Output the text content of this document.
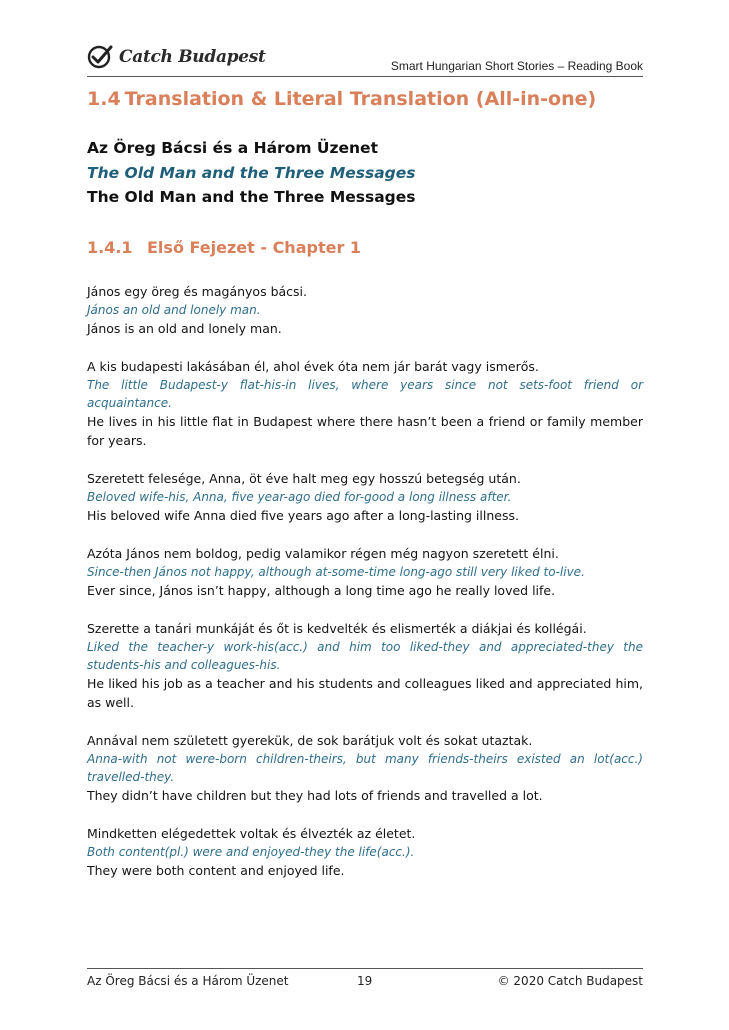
Catch Budapest	Smart Hungarian Short Stories – Reading Book
1.4 Translation & Literal Translation (All-in-one)
Az Öreg Bácsi és a Három Üzenet
The Old Man and the Three Messages
The Old Man and the Three Messages
1.4.1 Első Fejezet - Chapter 1
János egy öreg és magányos bácsi.
János an old and lonely man.
János is an old and lonely man.
A kis budapesti lakásában él, ahol évek óta nem jár barát vagy ismerős.
The little Budapest-y flat-his-in lives, where years since not sets-foot friend or acquaintance.
He lives in his little flat in Budapest where there hasn’t been a friend or family member for years.
Szeretett felesége, Anna, öt éve halt meg egy hosszú betegség után.
Beloved wife-his, Anna, five year-ago died for-good a long illness after.
His beloved wife Anna died five years ago after a long-lasting illness.
Azóta János nem boldog, pedig valamikor régen még nagyon szeretett élni.
Since-then János not happy, although at-some-time long-ago still very liked to-live.
Ever since, János isn’t happy, although a long time ago he really loved life.
Szerette a tanári munkáját és őt is kedvelték és elismerték a diákjai és kollégái.
Liked the teacher-y work-his(acc.) and him too liked-they and appreciated-they the students-his and colleagues-his.
He liked his job as a teacher and his students and colleagues liked and appreciated him, as well.
Annával nem született gyerekük, de sok barátjuk volt és sokat utaztak.
Anna-with not were-born children-theirs, but many friends-theirs existed an lot(acc.) travelled-they.
They didn’t have children but they had lots of friends and travelled a lot.
Mindketten elégedettek voltak és élvezték az életet.
Both content(pl.) were and enjoyed-they the life(acc.).
They were both content and enjoyed life.
Az Öreg Bácsi és a Három Üzenet	19	© 2020 Catch Budapest
